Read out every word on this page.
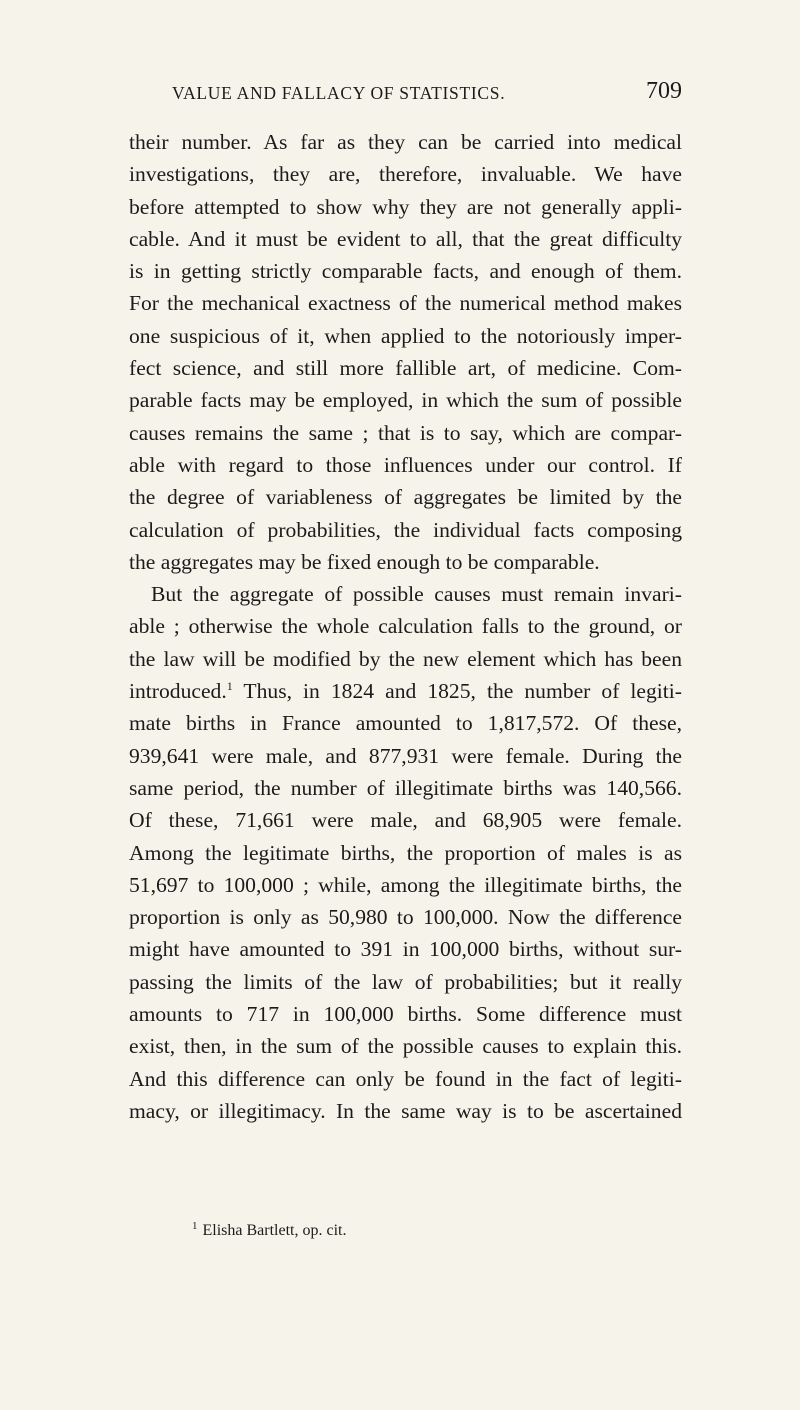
VALUE AND FALLACY OF STATISTICS.	709
their number. As far as they can be carried into medical
investigations, they are, therefore, invaluable. We have
before attempted to show why they are not generally appli-
cable. And it must be evident to all, that the great difficulty
is in getting strictly comparable facts, and enough of them.
For the mechanical exactness of the numerical method makes
one suspicious of it, when applied to the notoriously imper-
fect science, and still more fallible art, of medicine. Com-
parable facts may be employed, in which the sum of possible
causes remains the same ; that is to say, which are compar-
able with regard to those influences under our control. If
the degree of variableness of aggregates be limited by the
calculation of probabilities, the individual facts composing
the aggregates may be fixed enough to be comparable.
But the aggregate of possible causes must remain invari-
able ; otherwise the whole calculation falls to the ground, or
the law will be modified by the new element which has been
introduced.$^1$ Thus, in 1824 and 1825, the number of legiti-
mate births in France amounted to 1,817,572. Of these,
939,641 were male, and 877,931 were female. During the
same period, the number of illegitimate births was 140,566.
Of these, 71,661 were male, and 68,905 were female.
Among the legitimate births, the proportion of males is as
51,697 to 100,000 ; while, among the illegitimate births, the
proportion is only as 50,980 to 100,000. Now the difference
might have amounted to 391 in 100,000 births, without sur-
passing the limits of the law of probabilities; but it really
amounts to 717 in 100,000 births. Some difference must
exist, then, in the sum of the possible causes to explain this.
And this difference can only be found in the fact of legiti-
macy, or illegitimacy. In the same way is to be ascertained
$^1$ Elisha Bartlett, op. cit.
